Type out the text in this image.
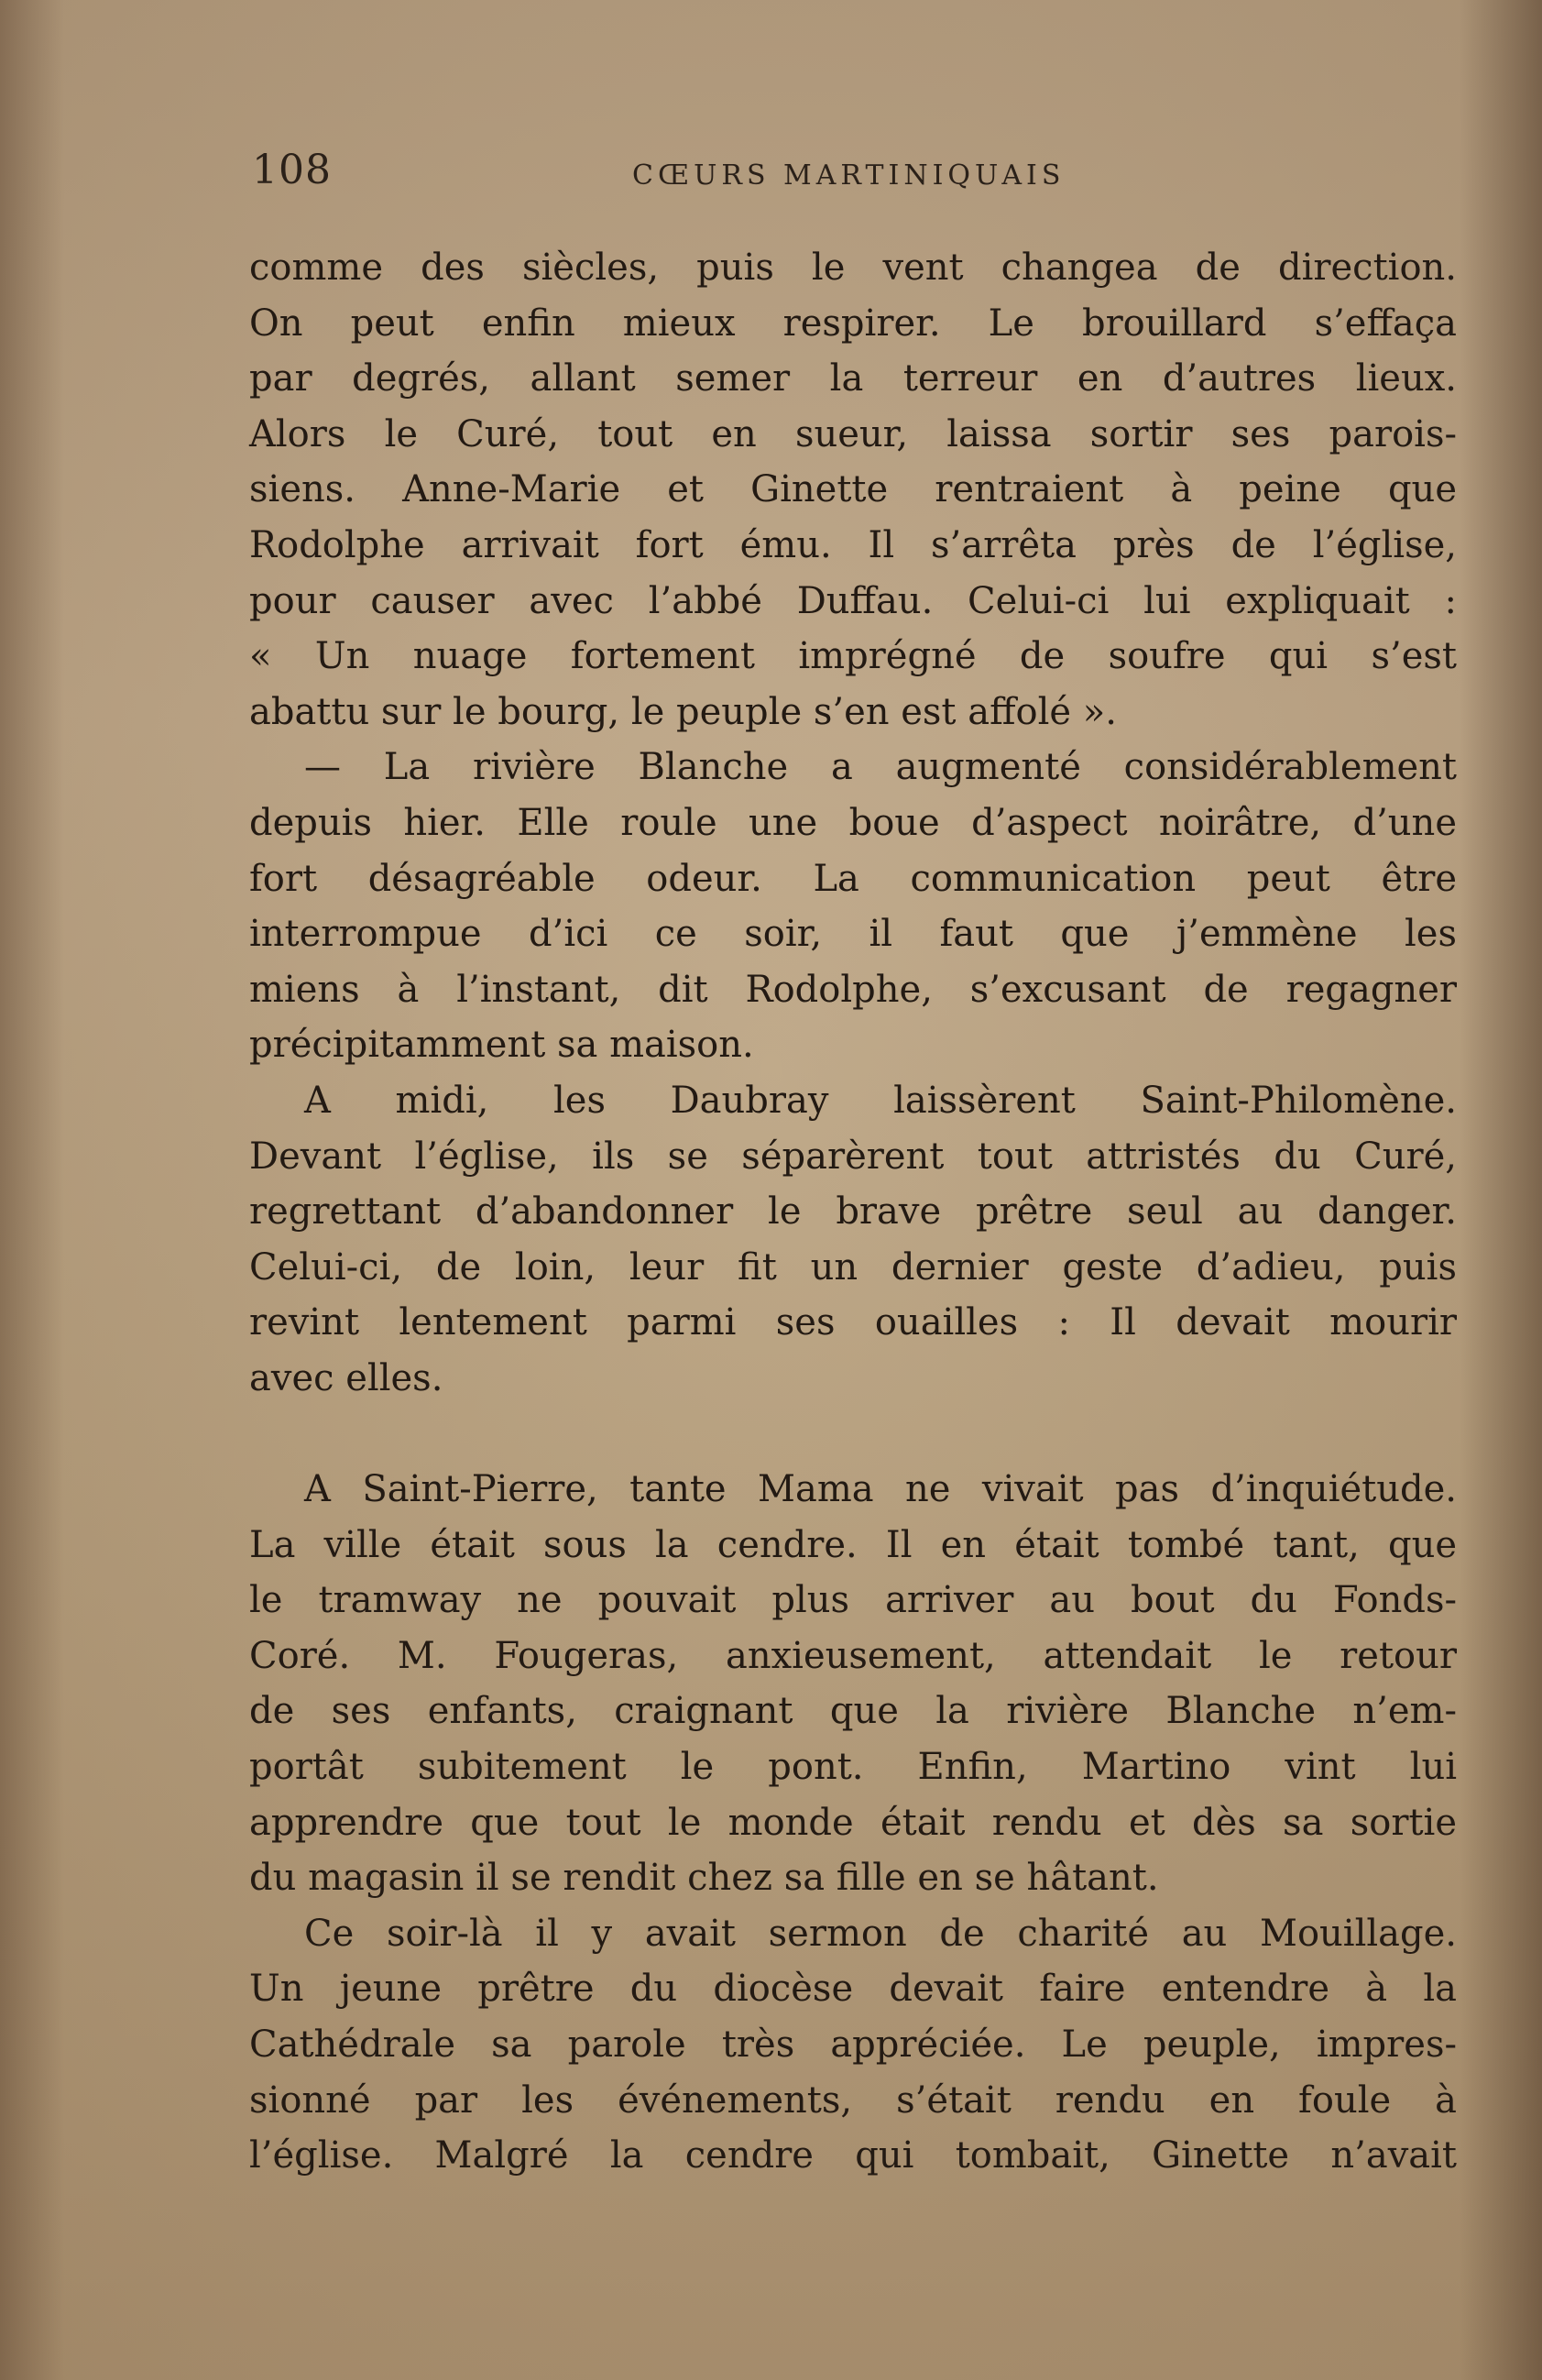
108	CŒURS MARTINIQUAIS
comme des siècles, puis le vent changea de direction.
On peut enfin mieux respirer. Le brouillard s’effaça
par degrés, allant semer la terreur en d’autres lieux.
Alors le Curé, tout en sueur, laissa sortir ses parois-
siens. Anne-Marie et Ginette rentraient à peine que
Rodolphe arrivait fort ému. Il s’arrêta près de l’église,
pour causer avec l’abbé Duffau. Celui-ci lui expliquait :
« Un nuage fortement imprégné de soufre qui s’est
abattu sur le bourg, le peuple s’en est affolé ».
— La rivière Blanche a augmenté considérablement
depuis hier. Elle roule une boue d’aspect noirâtre, d’une
fort désagréable odeur. La communication peut être
interrompue d’ici ce soir, il faut que j’emmène les
miens à l’instant, dit Rodolphe, s’excusant de regagner
précipitamment sa maison.
A midi, les Daubray laissèrent Saint-Philomène.
Devant l’église, ils se séparèrent tout attristés du Curé,
regrettant d’abandonner le brave prêtre seul au danger.
Celui-ci, de loin, leur fit un dernier geste d’adieu, puis
revint lentement parmi ses ouailles : Il devait mourir
avec elles.
A Saint-Pierre, tante Mama ne vivait pas d’inquiétude.
La ville était sous la cendre. Il en était tombé tant, que
le tramway ne pouvait plus arriver au bout du Fonds-
Coré. M. Fougeras, anxieusement, attendait le retour
de ses enfants, craignant que la rivière Blanche n’em-
portât subitement le pont. Enfin, Martino vint lui
apprendre que tout le monde était rendu et dès sa sortie
du magasin il se rendit chez sa fille en se hâtant.
Ce soir-là il y avait sermon de charité au Mouillage.
Un jeune prêtre du diocèse devait faire entendre à la
Cathédrale sa parole très appréciée. Le peuple, impres-
sionné par les événements, s’était rendu en foule à
l’église. Malgré la cendre qui tombait, Ginette n’avait
